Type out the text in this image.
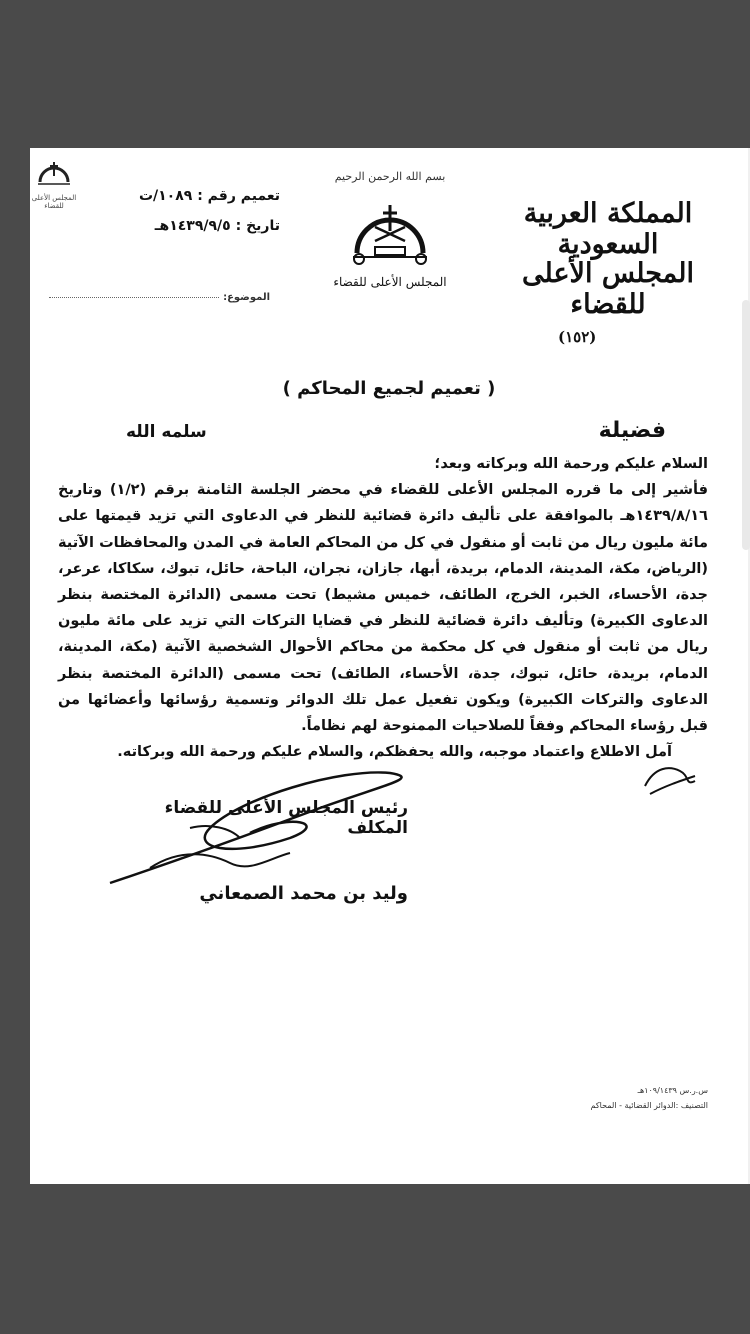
المملكة العربية السعودية
المجلس الأعلى للقضاء
(١٥٢)
بسم الله الرحمن الرحيم
المجلس الأعلى للقضاء
المجلس الأعلى للقضاء
تعميم رقم : ١٠٨٩/ت
تاريخ : ١٤٣٩/٩/٥هـ
الموضوع:
( تعميم لجميع المحاكم )
فضيلة
سلمه الله

السلام عليكم ورحمة الله وبركاته وبعد؛

فأشير إلى ما قرره المجلس الأعلى للقضاء في محضر الجلسة الثامنة برقم (١/٢) وتاريخ ١٤٣٩/٨/١٦هـ بالموافقة على تأليف دائرة قضائية للنظر في الدعاوى التي تزيد قيمتها على مائة مليون ريال من ثابت أو منقول في كل من المحاكم العامة في المدن والمحافظات الآتية (الرياض، مكة، المدينة، الدمام، بريدة، أبها، جازان، نجران، الباحة، حائل، تبوك، سكاكا، عرعر، جدة، الأحساء، الخبر، الخرج، الطائف، خميس مشيط) تحت مسمى (الدائرة المختصة بنظر الدعاوى الكبيرة) وتأليف دائرة قضائية للنظر في قضايا التركات التي تزيد على مائة مليون ريال من ثابت أو منقول في كل محكمة من محاكم الأحوال الشخصية الآتية (مكة، المدينة، الدمام، بريدة، حائل، تبوك، جدة، الأحساء، الطائف) تحت مسمى (الدائرة المختصة بنظر الدعاوى والتركات الكبيرة) ويكون تفعيل عمل تلك الدوائر وتسمية رؤسائها وأعضائها من قبل رؤساء المحاكم وفقاً للصلاحيات الممنوحة لهم نظاماً.

آمل الاطلاع واعتماد موجبه، والله يحفظكم، والسلام عليكم ورحمة الله وبركاته.

رئيس المجلس الأعلى للقضاء المكلف
وليد بن محمد الصمعاني
س.ر.س ١٠٩/١٤٣٩هـ
التصنيف :الدوائر القضائية - المحاكم
